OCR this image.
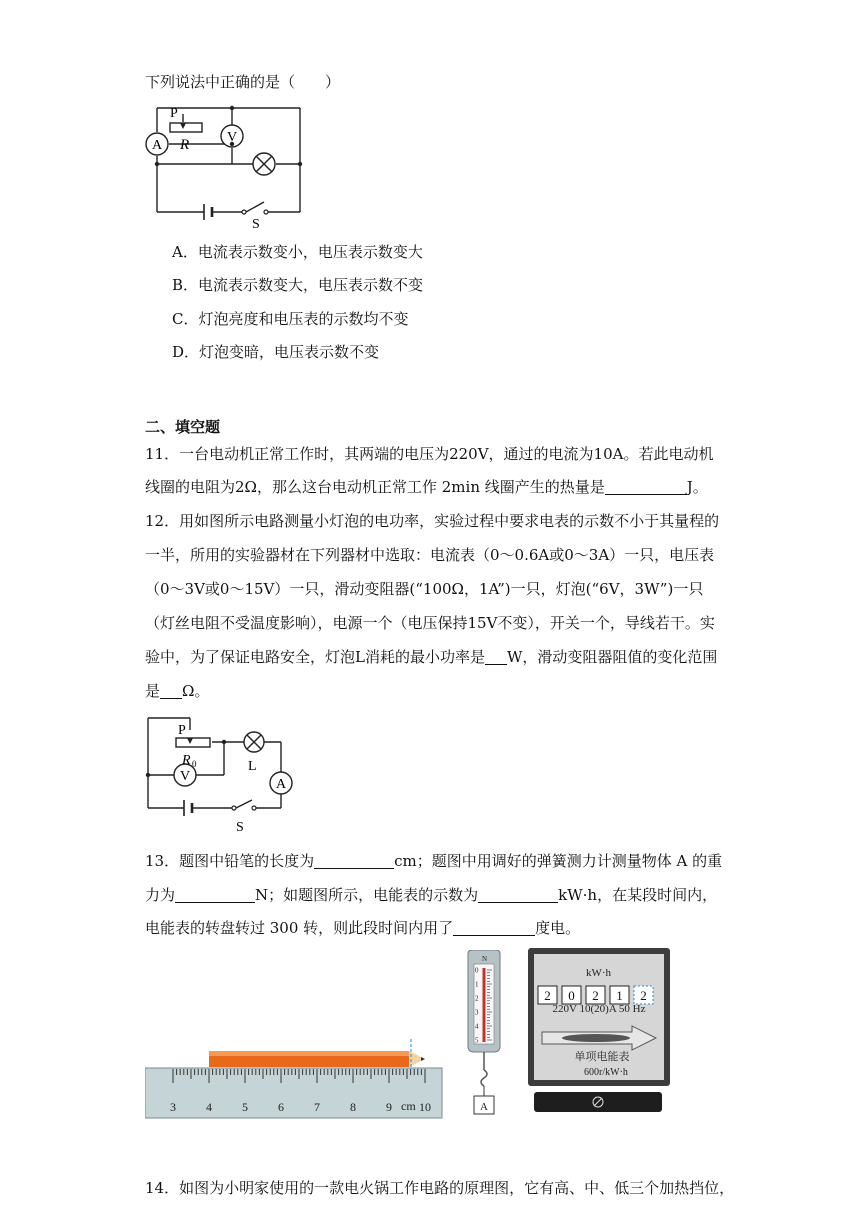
下列说法中正确的是（　　）
P
R
A
V
S
A．电流表示数变小，电压表示数变大
B．电流表示数变大，电压表示数不变
C．灯泡亮度和电压表的示数均不变
D．灯泡变暗，电压表示数不变
二、填空题
11．一台电动机正常工作时，其两端的电压为220V，通过的电流为10A。若此电动机
线圈的电阻为2Ω，那么这台电动机正常工作 2min 线圈产生的热量是	J。
12．用如图所示电路测量小灯泡的电功率，实验过程中要求电表的示数不小于其量程的
一半，所用的实验器材在下列器材中选取：电流表（0～0.6A或0～3A）一只，电压表
（0～3V或0～15V）一只，滑动变阻器(“100Ω，1A”)一只，灯泡(“6V，3W”)一只
（灯丝电阻不受温度影响），电源一个（电压保持15V不变），开关一个，导线若干。实
验中，为了保证电路安全，灯泡L消耗的最小功率是 W，滑动变阻器阻值的变化范围
是 Ω。
P
R 0	L
V
A
S
13．题图中铅笔的长度为	cm；题图中用调好的弹簧测力计测量物体 A 的重
力为	N；如题图所示，电能表的示数为	kW·h，在某段时间内，
电能表的转盘转过 300 转，则此段时间内用了	度电。
3	4	5	6	7	8	9 10
cm
0
1
2
3
4
5
N
A
kW·h
2 0 2 1 2
220V 10(20)A 50 Hz
单项电能表
600r/kW·h
14．如图为小明家使用的一款电火锅工作电路的原理图，它有高、中、低三个加热挡位，
